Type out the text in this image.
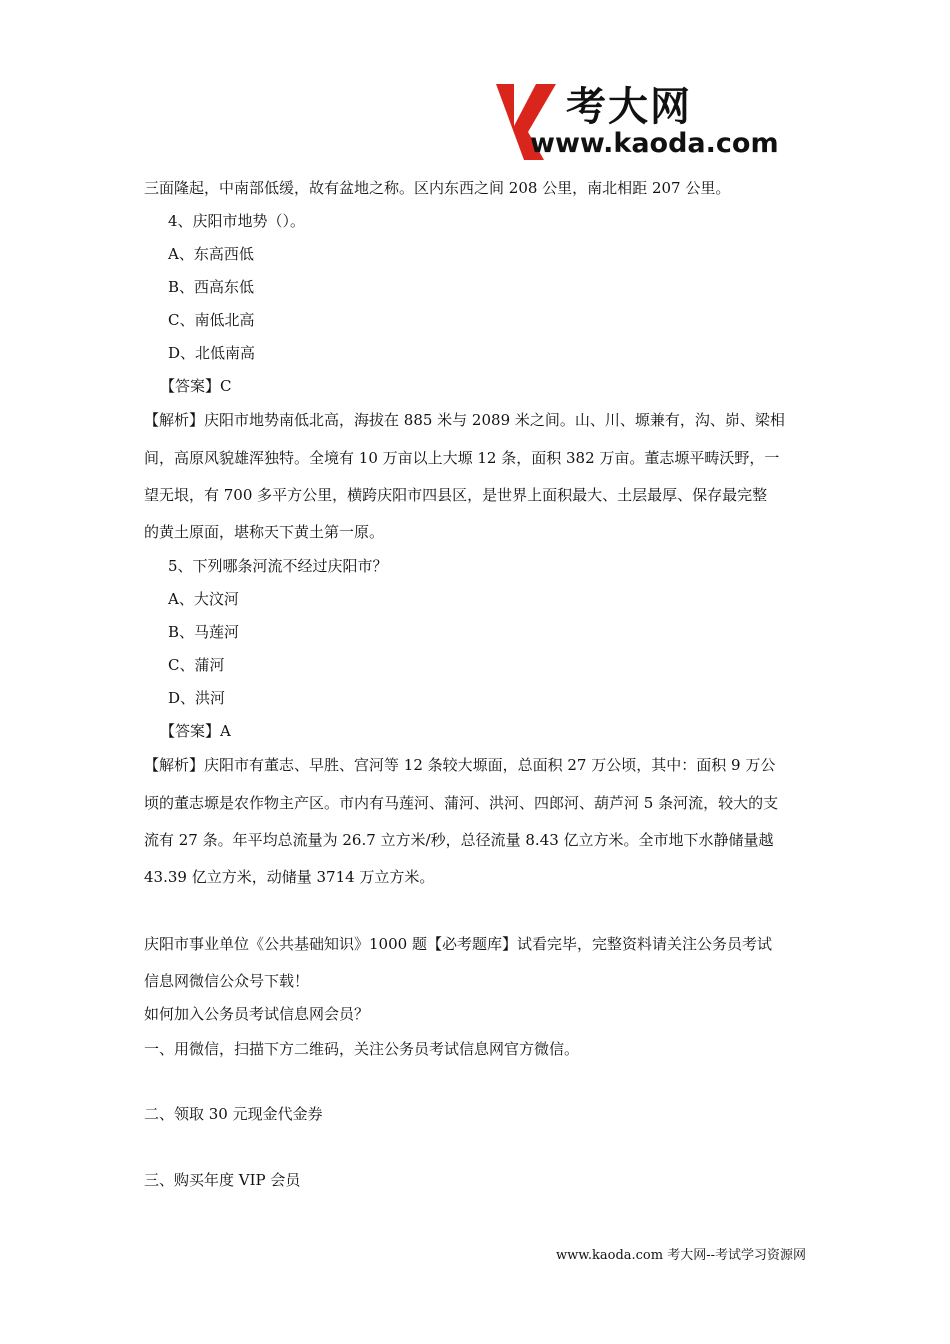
考大网
www.kaoda.com
三面隆起，中南部低缓，故有盆地之称。区内东西之间 208 公里，南北相距 207 公里。
4、庆阳市地势（）。
A、东高西低
B、西高东低
C、南低北高
D、北低南高
【答案】C
【解析】庆阳市地势南低北高，海拔在 885 米与 2089 米之间。山、川、塬兼有，沟、峁、梁相
间，高原风貌雄浑独特。全境有 10 万亩以上大塬 12 条，面积 382 万亩。董志塬平畴沃野，一
望无垠，有 700 多平方公里，横跨庆阳市四县区，是世界上面积最大、土层最厚、保存最完整
的黄土原面，堪称天下黄土第一原。
5、下列哪条河流不经过庆阳市？
A、大汶河
B、马莲河
C、蒲河
D、洪河
【答案】A
【解析】庆阳市有董志、早胜、宫河等 12 条较大塬面，总面积 27 万公顷，其中：面积 9 万公
顷的董志塬是农作物主产区。市内有马莲河、蒲河、洪河、四郎河、葫芦河 5 条河流，较大的支
流有 27 条。年平均总流量为 26.7 立方米/秒，总径流量 8.43 亿立方米。全市地下水静储量越
43.39 亿立方米，动储量 3714 万立方米。
庆阳市事业单位《公共基础知识》1000 题【必考题库】试看完毕，完整资料请关注公务员考试
信息网微信公众号下载！
如何加入公务员考试信息网会员？
一、用微信，扫描下方二维码，关注公务员考试信息网官方微信。
二、领取 30 元现金代金券
三、购买年度 VIP 会员
www.kaoda.com 考大网--考试学习资源网
